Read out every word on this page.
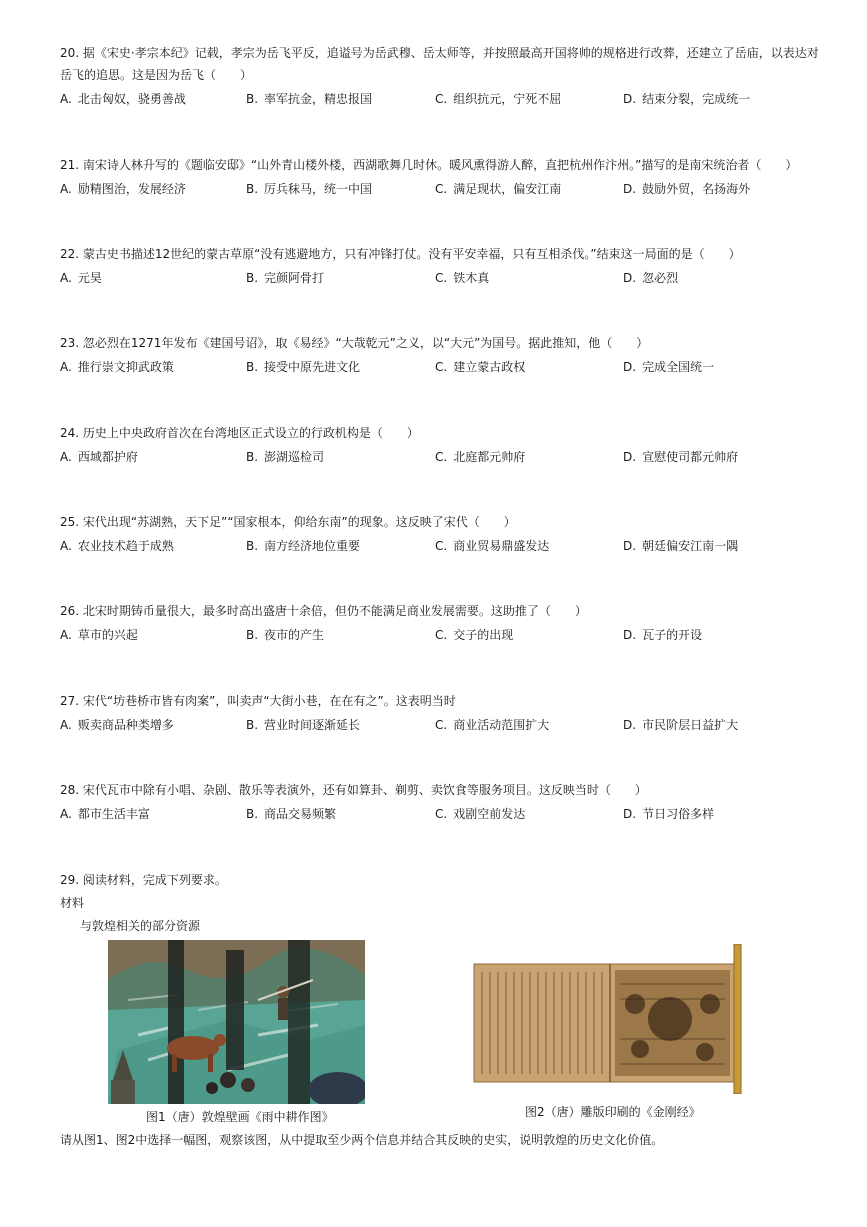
20. 据《宋史·孝宗本纪》记载，孝宗为岳飞平反，追谥号为岳武穆、岳太师等，并按照最高开国将帅的规格进行改葬，还建立了岳庙，以表达对岳飞的追思。这是因为岳飞（　　）
A. 北击匈奴，骁勇善战	B. 率军抗金，精忠报国	C. 组织抗元，宁死不屈	D. 结束分裂，完成统一
21. 南宋诗人林升写的《题临安邸》“山外青山楼外楼，西湖歌舞几时休。暖风熏得游人醉，直把杭州作汴州。”描写的是南宋统治者（　　）
A. 励精图治，发展经济	B. 厉兵秣马，统一中国	C. 满足现状，偏安江南	D. 鼓励外贸，名扬海外
22. 蒙古史书描述12世纪的蒙古草原“没有逃避地方，只有冲锋打仗。没有平安幸福，只有互相杀伐。”结束这一局面的是（　　）
A. 元昊	B. 完颜阿骨打	C. 铁木真	D. 忽必烈
23. 忽必烈在1271年发布《建国号诏》，取《易经》“大哉乾元”之义，以“大元”为国号。据此推知，他（　　）
A. 推行崇文抑武政策	B. 接受中原先进文化	C. 建立蒙古政权	D. 完成全国统一
24. 历史上中央政府首次在台湾地区正式设立的行政机构是（　　）
A. 西域都护府	B. 澎湖巡检司	C. 北庭都元帅府	D. 宣慰使司都元帅府
25. 宋代出现“苏湖熟，天下足”“国家根本，仰给东南”的现象。这反映了宋代（　　）
A. 农业技术趋于成熟	B. 南方经济地位重要	C. 商业贸易鼎盛发达	D. 朝廷偏安江南一隅
26. 北宋时期铸币量很大，最多时高出盛唐十余倍，但仍不能满足商业发展需要。这助推了（　　）
A. 草市的兴起	B. 夜市的产生	C. 交子的出现	D. 瓦子的开设
27. 宋代“坊巷桥市皆有肉案”，叫卖声“大街小巷，在在有之”。这表明当时
A. 贩卖商品种类增多	B. 营业时间逐渐延长	C. 商业活动范围扩大	D. 市民阶层日益扩大
28. 宋代瓦市中除有小唱、杂剧、散乐等表演外，还有如算卦、剃剪、卖饮食等服务项目。这反映当时（　　）
A. 都市生活丰富	B. 商品交易频繁	C. 戏剧空前发达	D. 节日习俗多样
29. 阅读材料，完成下列要求。
材料
与敦煌相关的部分资源
图1（唐）敦煌壁画《雨中耕作图》	图2（唐）雕版印刷的《金刚经》
请从图1、图2中选择一幅图，观察该图，从中提取至少两个信息并结合其反映的史实，说明敦煌的历史文化价值。
